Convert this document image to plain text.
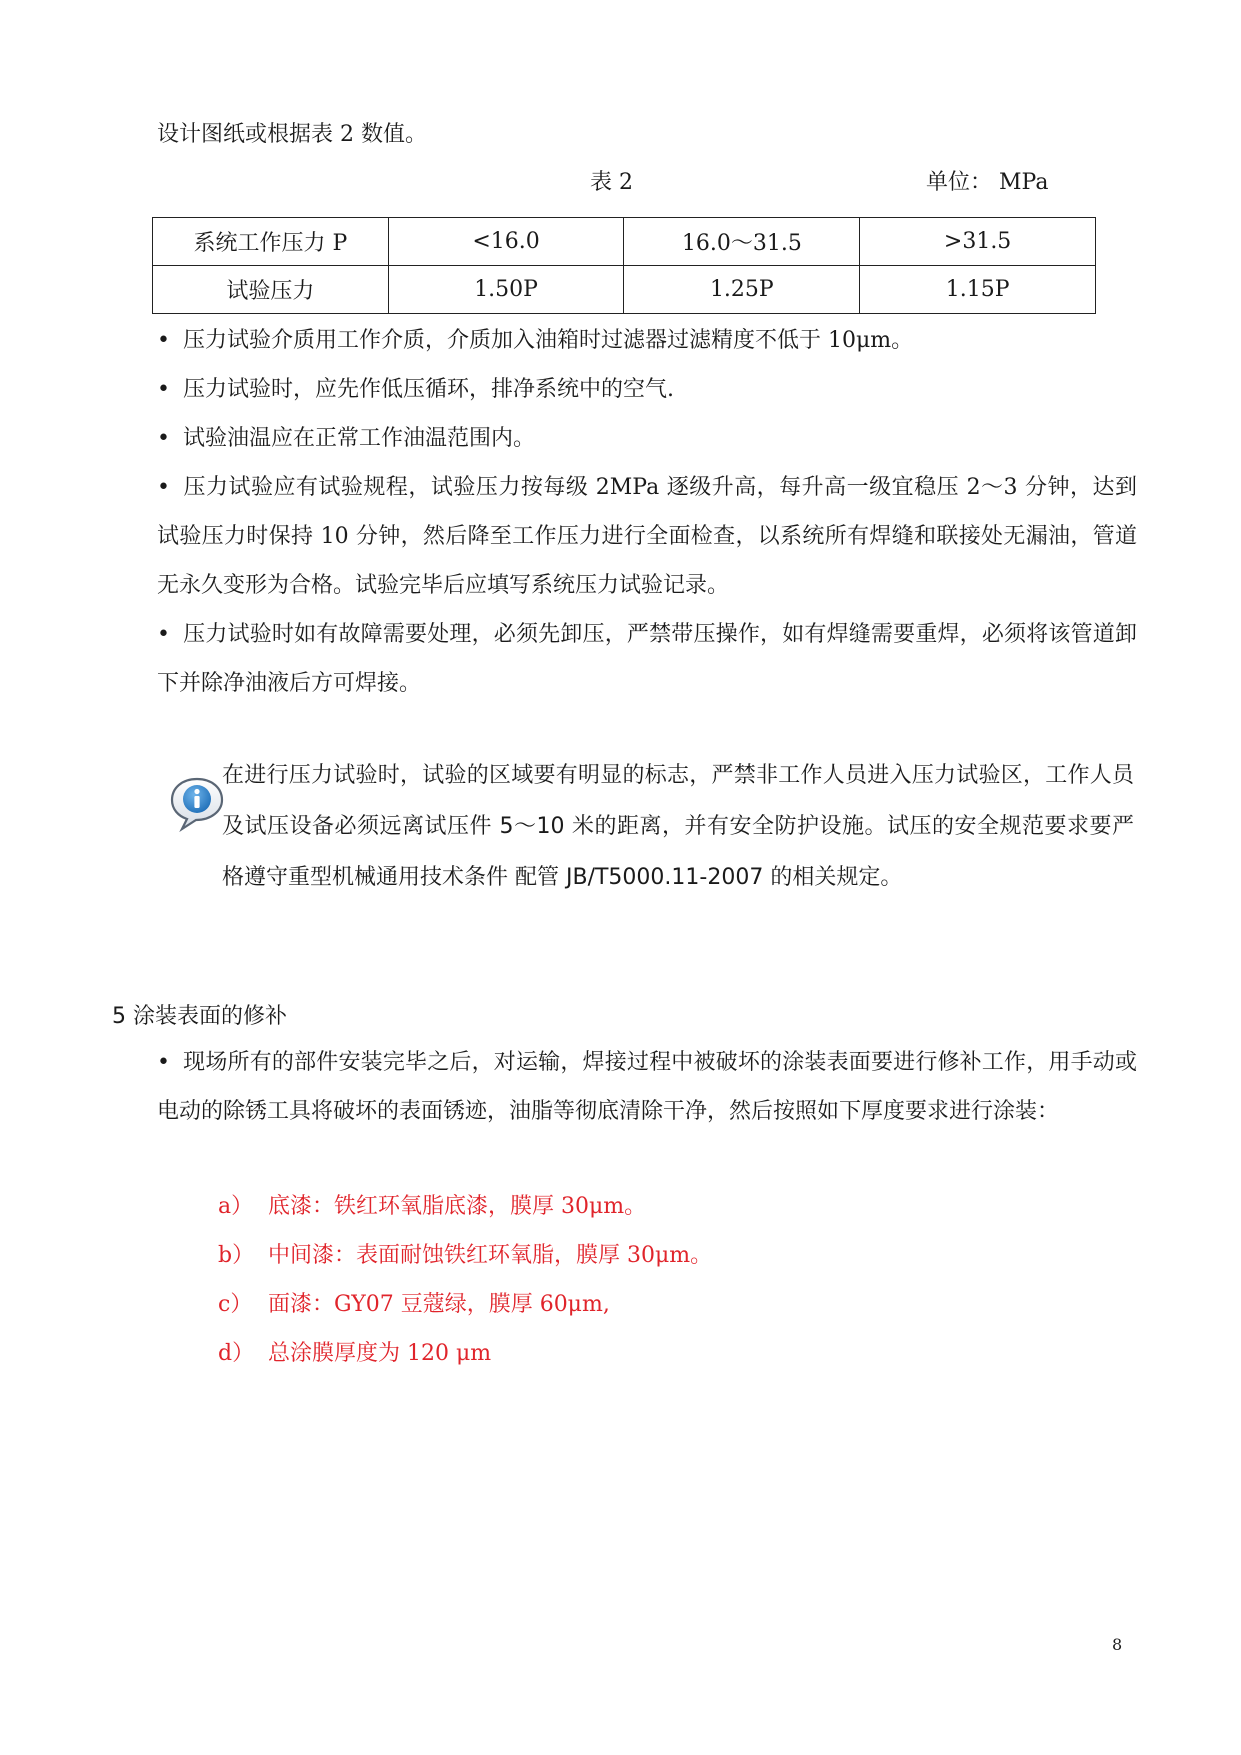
设计图纸或根据表 2 数值。
表 2	单位： MPa
系统工作压力 P	<16.0	16.0～31.5	>31.5
试验压力	1.50P	1.25P	1.15P

• 压力试验介质用工作介质，介质加入油箱时过滤器过滤精度不低于 10μm。

• 压力试验时，应先作低压循环，排净系统中的空气.

• 试验油温应在正常工作油温范围内。

• 压力试验应有试验规程，试验压力按每级 2MPa 逐级升高，每升高一级宜稳压 2～3 分钟，达到试验压力时保持 10 分钟，然后降至工作压力进行全面检查，以系统所有焊缝和联接处无漏油，管道无永久变形为合格。试验完毕后应填写系统压力试验记录。

• 压力试验时如有故障需要处理，必须先卸压，严禁带压操作，如有焊缝需要重焊，必须将该管道卸下并除净油液后方可焊接。

在进行压力试验时，试验的区域要有明显的标志，严禁非工作人员进入压力试验区，工作人员及试压设备必须远离试压件 5～10 米的距离，并有安全防护设施。试压的安全规范要求要严格遵守重型机械通用技术条件 配管 JB/T5000.11-2007 的相关规定。
5 涂装表面的修补

• 现场所有的部件安装完毕之后，对运输，焊接过程中被破坏的涂装表面要进行修补工作，用手动或电动的除锈工具将破坏的表面锈迹，油脂等彻底清除干净，然后按照如下厚度要求进行涂装：

a） 底漆：铁红环氧脂底漆，膜厚 30μm。
b） 中间漆：表面耐蚀铁红环氧脂，膜厚 30μm。
c） 面漆：GY07 豆蔻绿，膜厚 60μm,
d） 总涂膜厚度为 120 μm
8
